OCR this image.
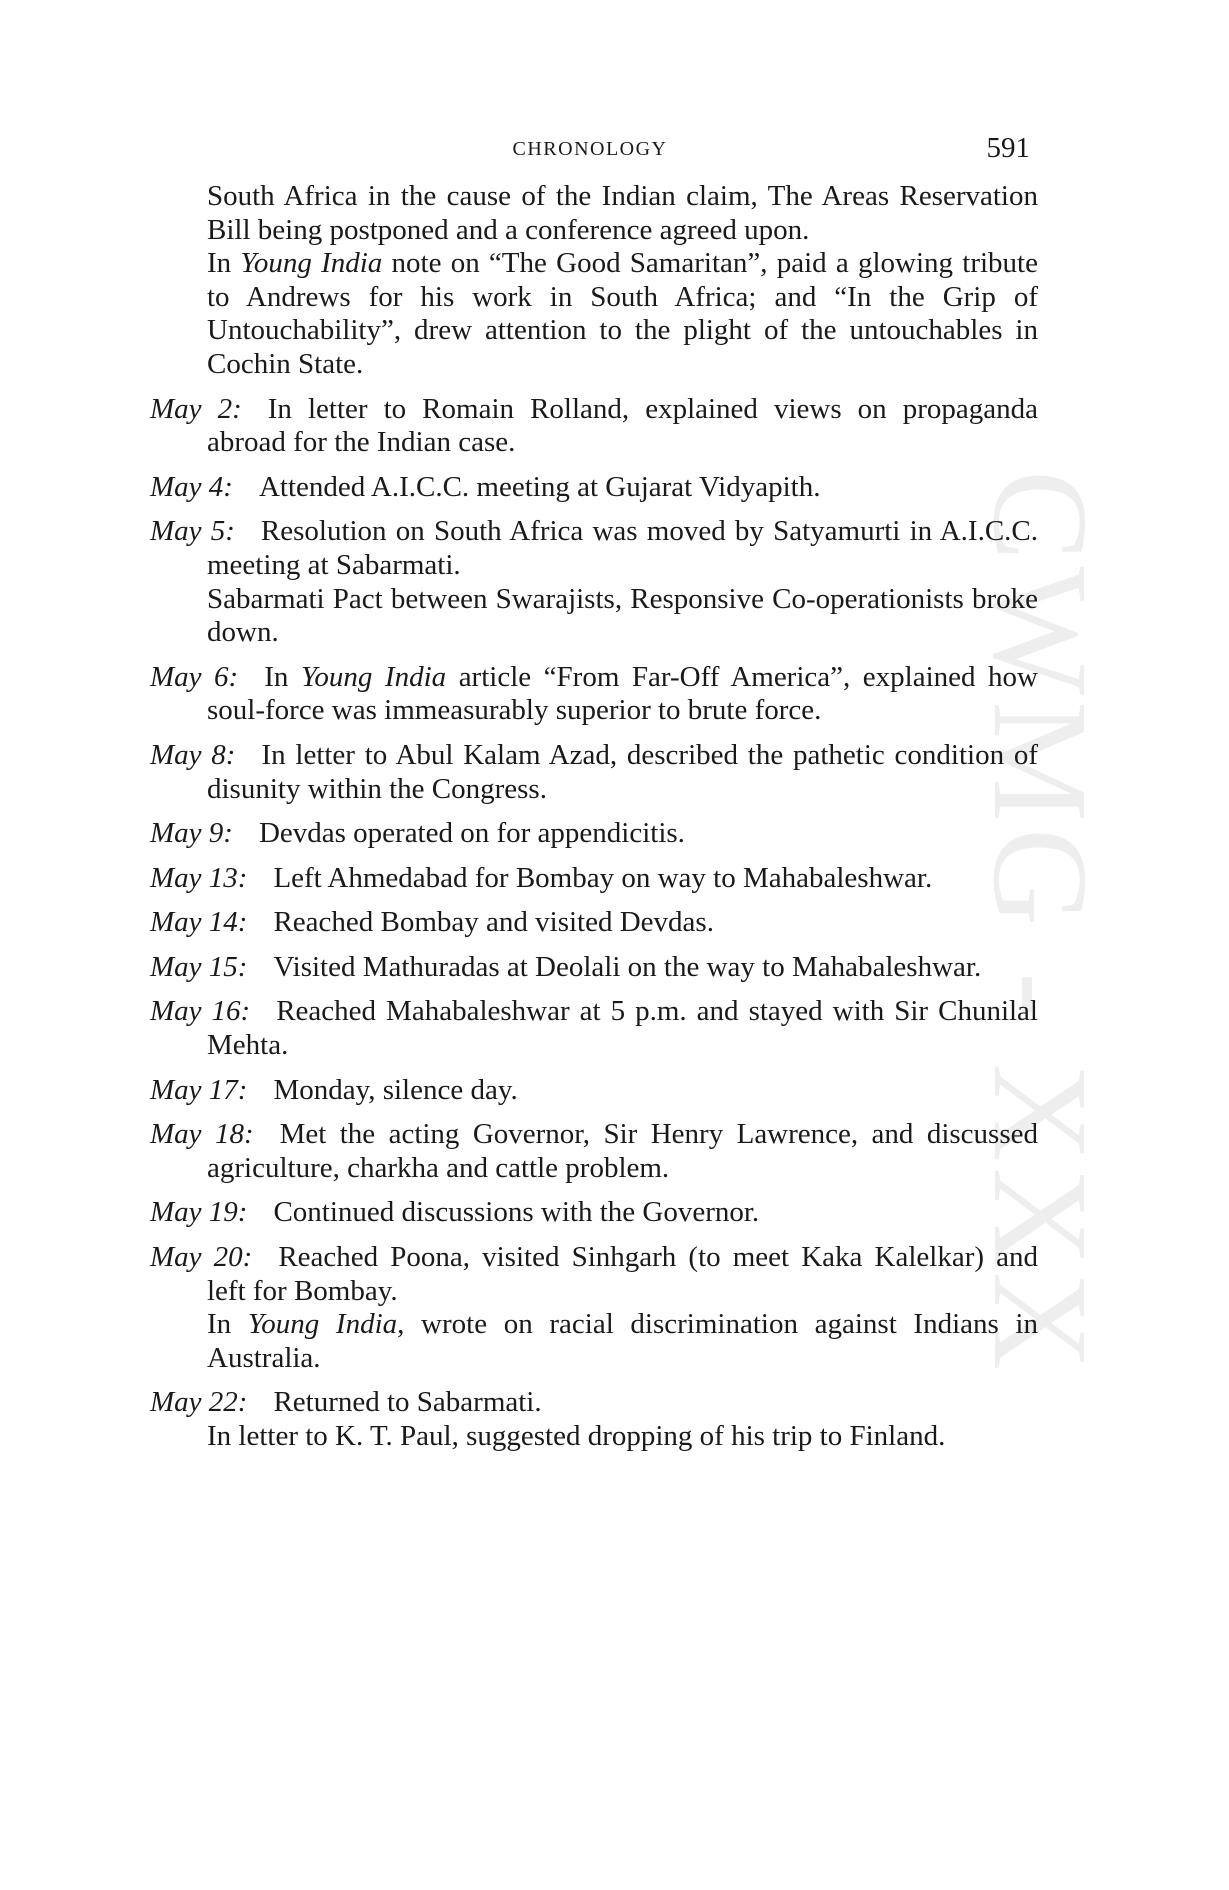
CWMG - XXX
CHRONOLOGY	591

South Africa in the cause of the Indian claim, The Areas Reservation Bill being postponed and a conference agreed upon.

In Young India note on “The Good Samaritan”, paid a glowing tribute to Andrews for his work in South Africa; and “In the Grip of Untouchability”, drew attention to the plight of the untouchables in Cochin State.

May 2: In letter to Romain Rolland, explained views on propaganda abroad for the Indian case.

May 4: Attended A.I.C.C. meeting at Gujarat Vidyapith.

May 5: Resolution on South Africa was moved by Satyamurti in A.I.C.C. meeting at Sabarmati.

Sabarmati Pact between Swarajists, Responsive Co-operationists broke down.

May 6: In Young India article “From Far-Off America”, explained how soul-force was immeasurably superior to brute force.

May 8: In letter to Abul Kalam Azad, described the pathetic condition of disunity within the Congress.

May 9: Devdas operated on for appendicitis.

May 13: Left Ahmedabad for Bombay on way to Mahabaleshwar.

May 14: Reached Bombay and visited Devdas.

May 15: Visited Mathuradas at Deolali on the way to Mahabaleshwar.

May 16: Reached Mahabaleshwar at 5 p.m. and stayed with Sir Chunilal Mehta.

May 17: Monday, silence day.

May 18: Met the acting Governor, Sir Henry Lawrence, and discussed agriculture, charkha and cattle problem.

May 19: Continued discussions with the Governor.

May 20: Reached Poona, visited Sinhgarh (to meet Kaka Kalelkar) and left for Bombay.

In Young India, wrote on racial discrimination against Indians in Australia.

May 22: Returned to Sabarmati.

In letter to K. T. Paul, suggested dropping of his trip to Finland.
